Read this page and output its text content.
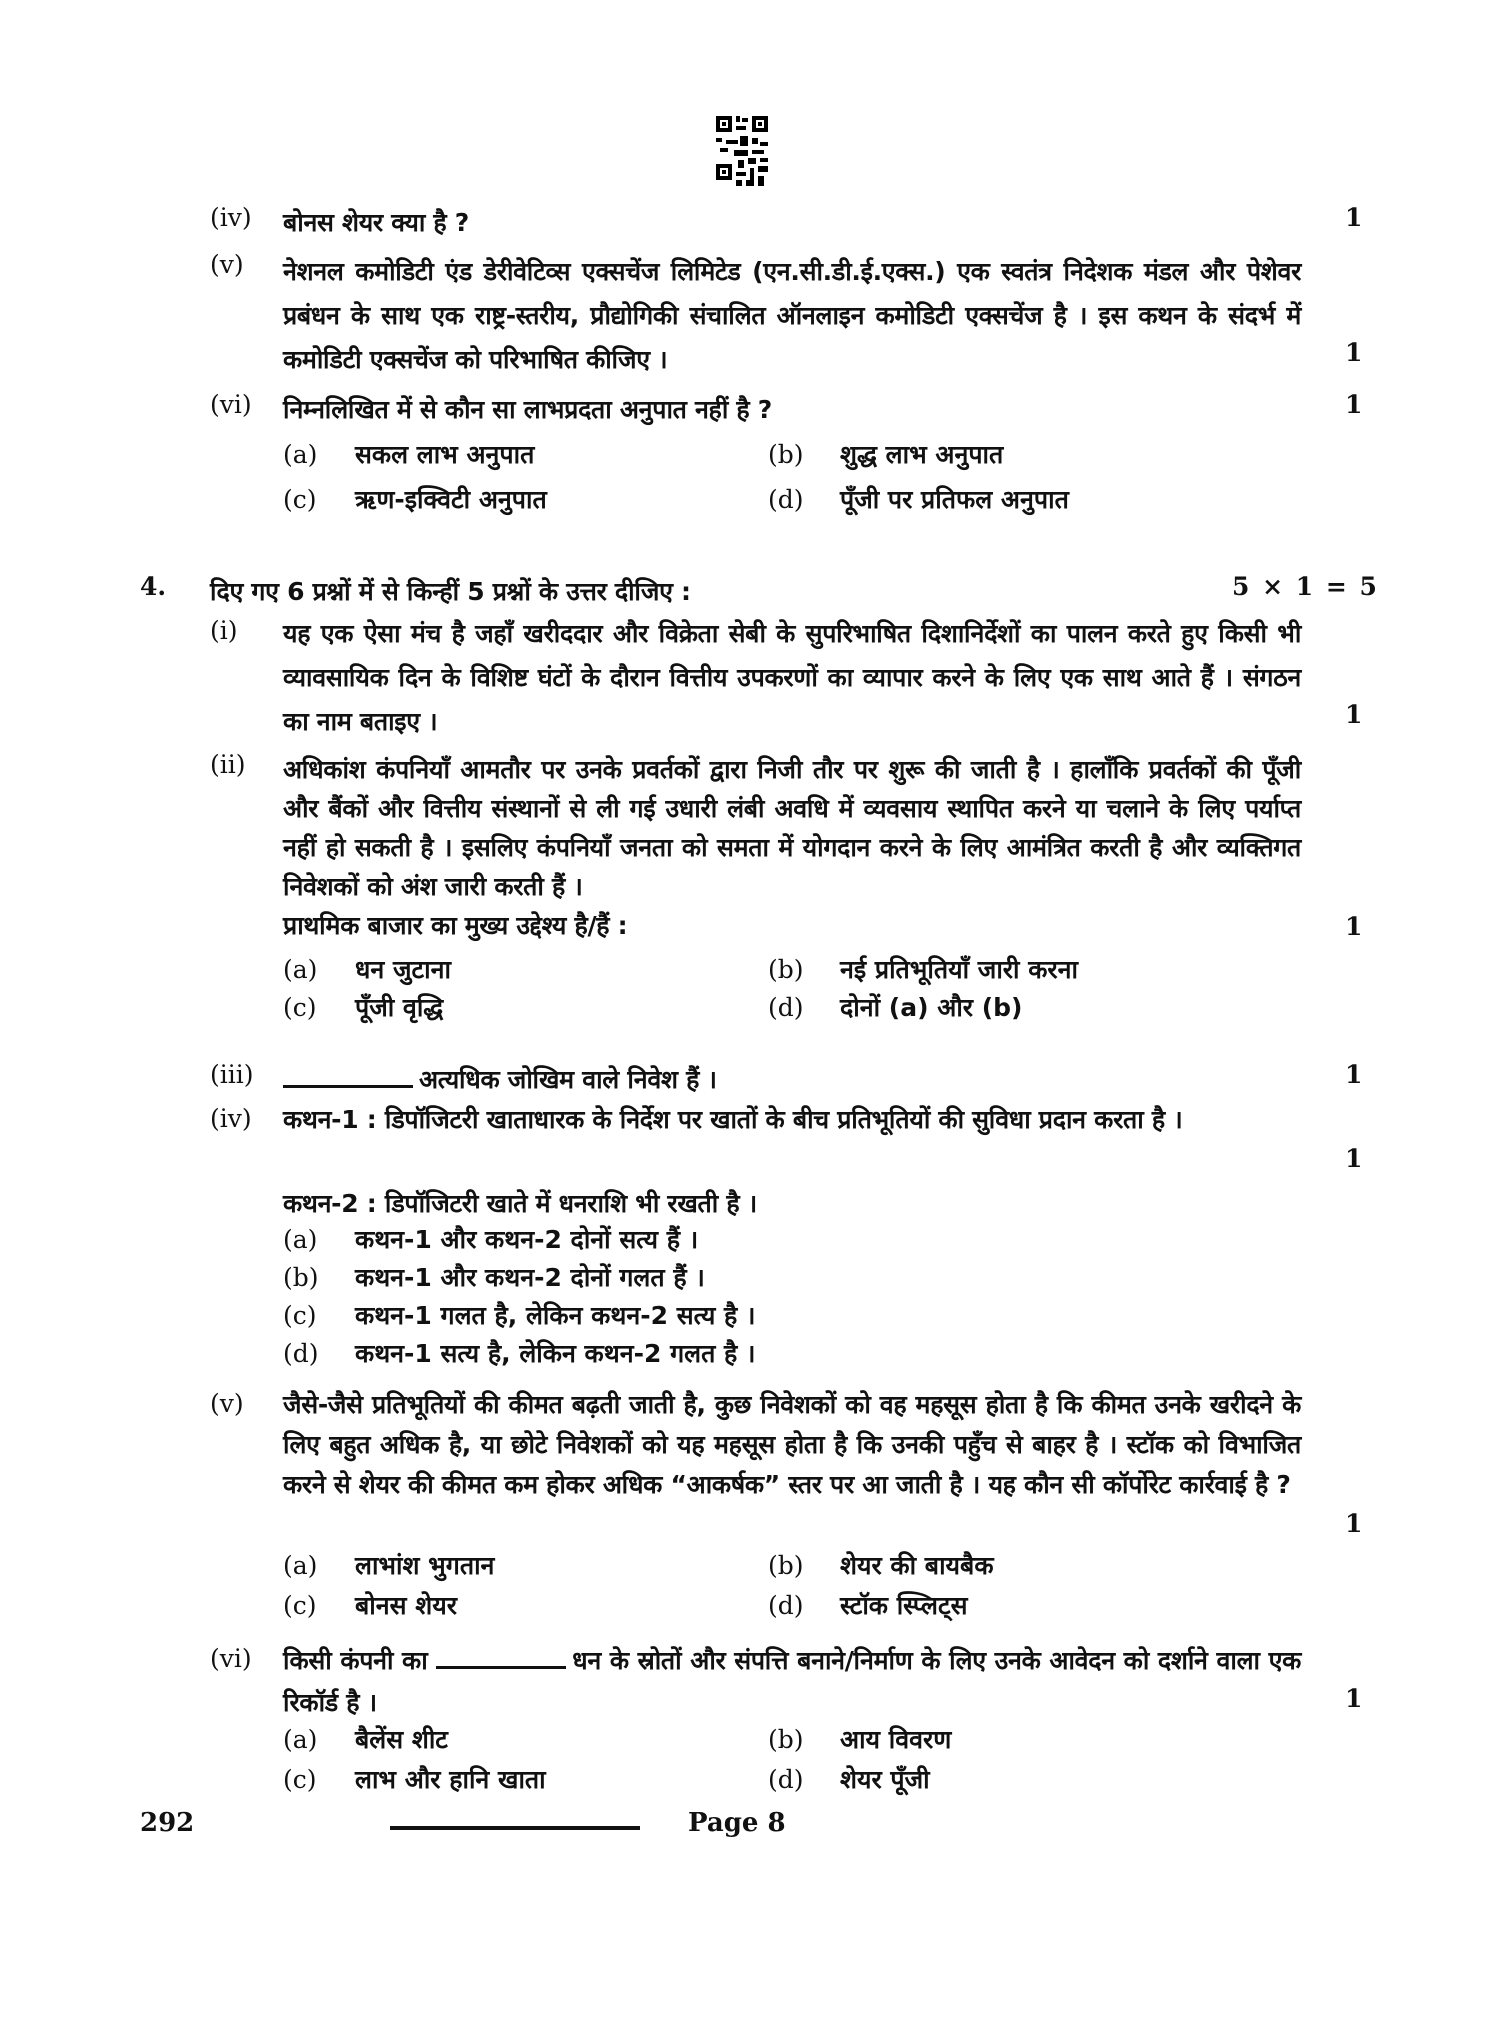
(iv) बोनस शेयर क्या है ?	1
(v) नेशनल कमोडिटी एंड डेरीवेटिव्स एक्सचेंज लिमिटेड (एन.सी.डी.ई.एक्स.) एक स्वतंत्र निदेशक मंडल और पेशेवर प्रबंधन के साथ एक राष्ट्र-स्तरीय, प्रौद्योगिकी संचालित ऑनलाइन कमोडिटी एक्सचेंज है । इस कथन के संदर्भ में कमोडिटी एक्सचेंज को परिभाषित कीजिए ।	1
(vi) निम्नलिखित में से कौन सा लाभप्रदता अनुपात नहीं है ?	1
(a) सकल लाभ अनुपात	(b) शुद्ध लाभ अनुपात
(c) ऋण-इक्विटी अनुपात	(d) पूँजी पर प्रतिफल अनुपात
4. दिए गए 6 प्रश्नों में से किन्हीं 5 प्रश्नों के उत्तर दीजिए :	5 × 1 = 5
(i) यह एक ऐसा मंच है जहाँ खरीददार और विक्रेता सेबी के सुपरिभाषित दिशानिर्देशों का पालन करते हुए किसी भी व्यावसायिक दिन के विशिष्ट घंटों के दौरान वित्तीय उपकरणों का व्यापार करने के लिए एक साथ आते हैं । संगठन का नाम बताइए ।	1
(ii) अधिकांश कंपनियाँ आमतौर पर उनके प्रवर्तकों द्वारा निजी तौर पर शुरू की जाती है । हालाँकि प्रवर्तकों की पूँजी और बैंकों और वित्तीय संस्थानों से ली गई उधारी लंबी अवधि में व्यवसाय स्थापित करने या चलाने के लिए पर्याप्त नहीं हो सकती है । इसलिए कंपनियाँ जनता को समता में योगदान करने के लिए आमंत्रित करती है और व्यक्तिगत निवेशकों को अंश जारी करती हैं ।
प्राथमिक बाजार का मुख्य उद्देश्य है/हैं :	1
(a) धन जुटाना	(b) नई प्रतिभूतियाँ जारी करना
(c) पूँजी वृद्धि	(d) दोनों (a) और (b)
(iii)	अत्यधिक जोखिम वाले निवेश हैं ।	1
(iv) कथन-1 : डिपॉजिटरी खाताधारक के निर्देश पर खातों के बीच प्रतिभूतियों की सुविधा प्रदान करता है ।
1
कथन-2 : डिपॉजिटरी खाते में धनराशि भी रखती है ।
(a) कथन-1 और कथन-2 दोनों सत्य हैं ।
(b) कथन-1 और कथन-2 दोनों गलत हैं ।
(c) कथन-1 गलत है, लेकिन कथन-2 सत्य है ।
(d) कथन-1 सत्य है, लेकिन कथन-2 गलत है ।
(v) जैसे-जैसे प्रतिभूतियों की कीमत बढ़ती जाती है, कुछ निवेशकों को वह महसूस होता है कि कीमत उनके खरीदने के लिए बहुत अधिक है, या छोटे निवेशकों को यह महसूस होता है कि उनकी पहुँच से बाहर है । स्टॉक को विभाजित करने से शेयर की कीमत कम होकर अधिक “आकर्षक” स्तर पर आ जाती है । यह कौन सी कॉर्पोरेट कार्रवाई है ?
1
(a) लाभांश भुगतान	(b) शेयर की बायबैक
(c) बोनस शेयर	(d) स्टॉक स्प्लिट्स
(vi) किसी कंपनी का	धन के स्रोतों और संपत्ति बनाने/निर्माण के लिए उनके आवेदन को दर्शाने वाला एक रिकॉर्ड है ।	1
(a) बैलेंस शीट	(b) आय विवरण
(c) लाभ और हानि खाता	(d) शेयर पूँजी
292	Page 8
